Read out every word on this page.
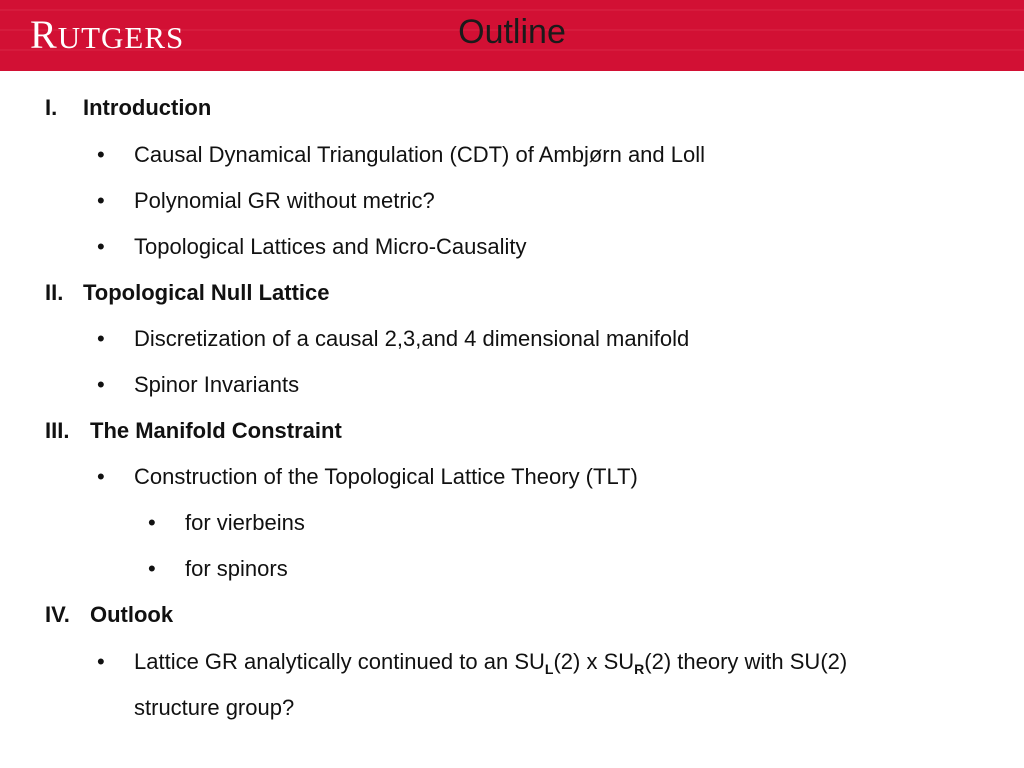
RUTGERS	Outline
I. Introduction
• Causal Dynamical Triangulation (CDT) of Ambjørn and Loll
• Polynomial GR without metric?
• Topological Lattices and Micro-Causality
II. Topological Null Lattice
• Discretization of a causal 2,3,and 4 dimensional manifold
• Spinor Invariants
III. The Manifold Constraint
• Construction of the Topological Lattice Theory (TLT)
• for vierbeins
• for spinors
IV. Outlook
• Lattice GR analytically continued to an $SU_L(2)$ x $SU_R(2)$ theory with SU(2)
structure group?
